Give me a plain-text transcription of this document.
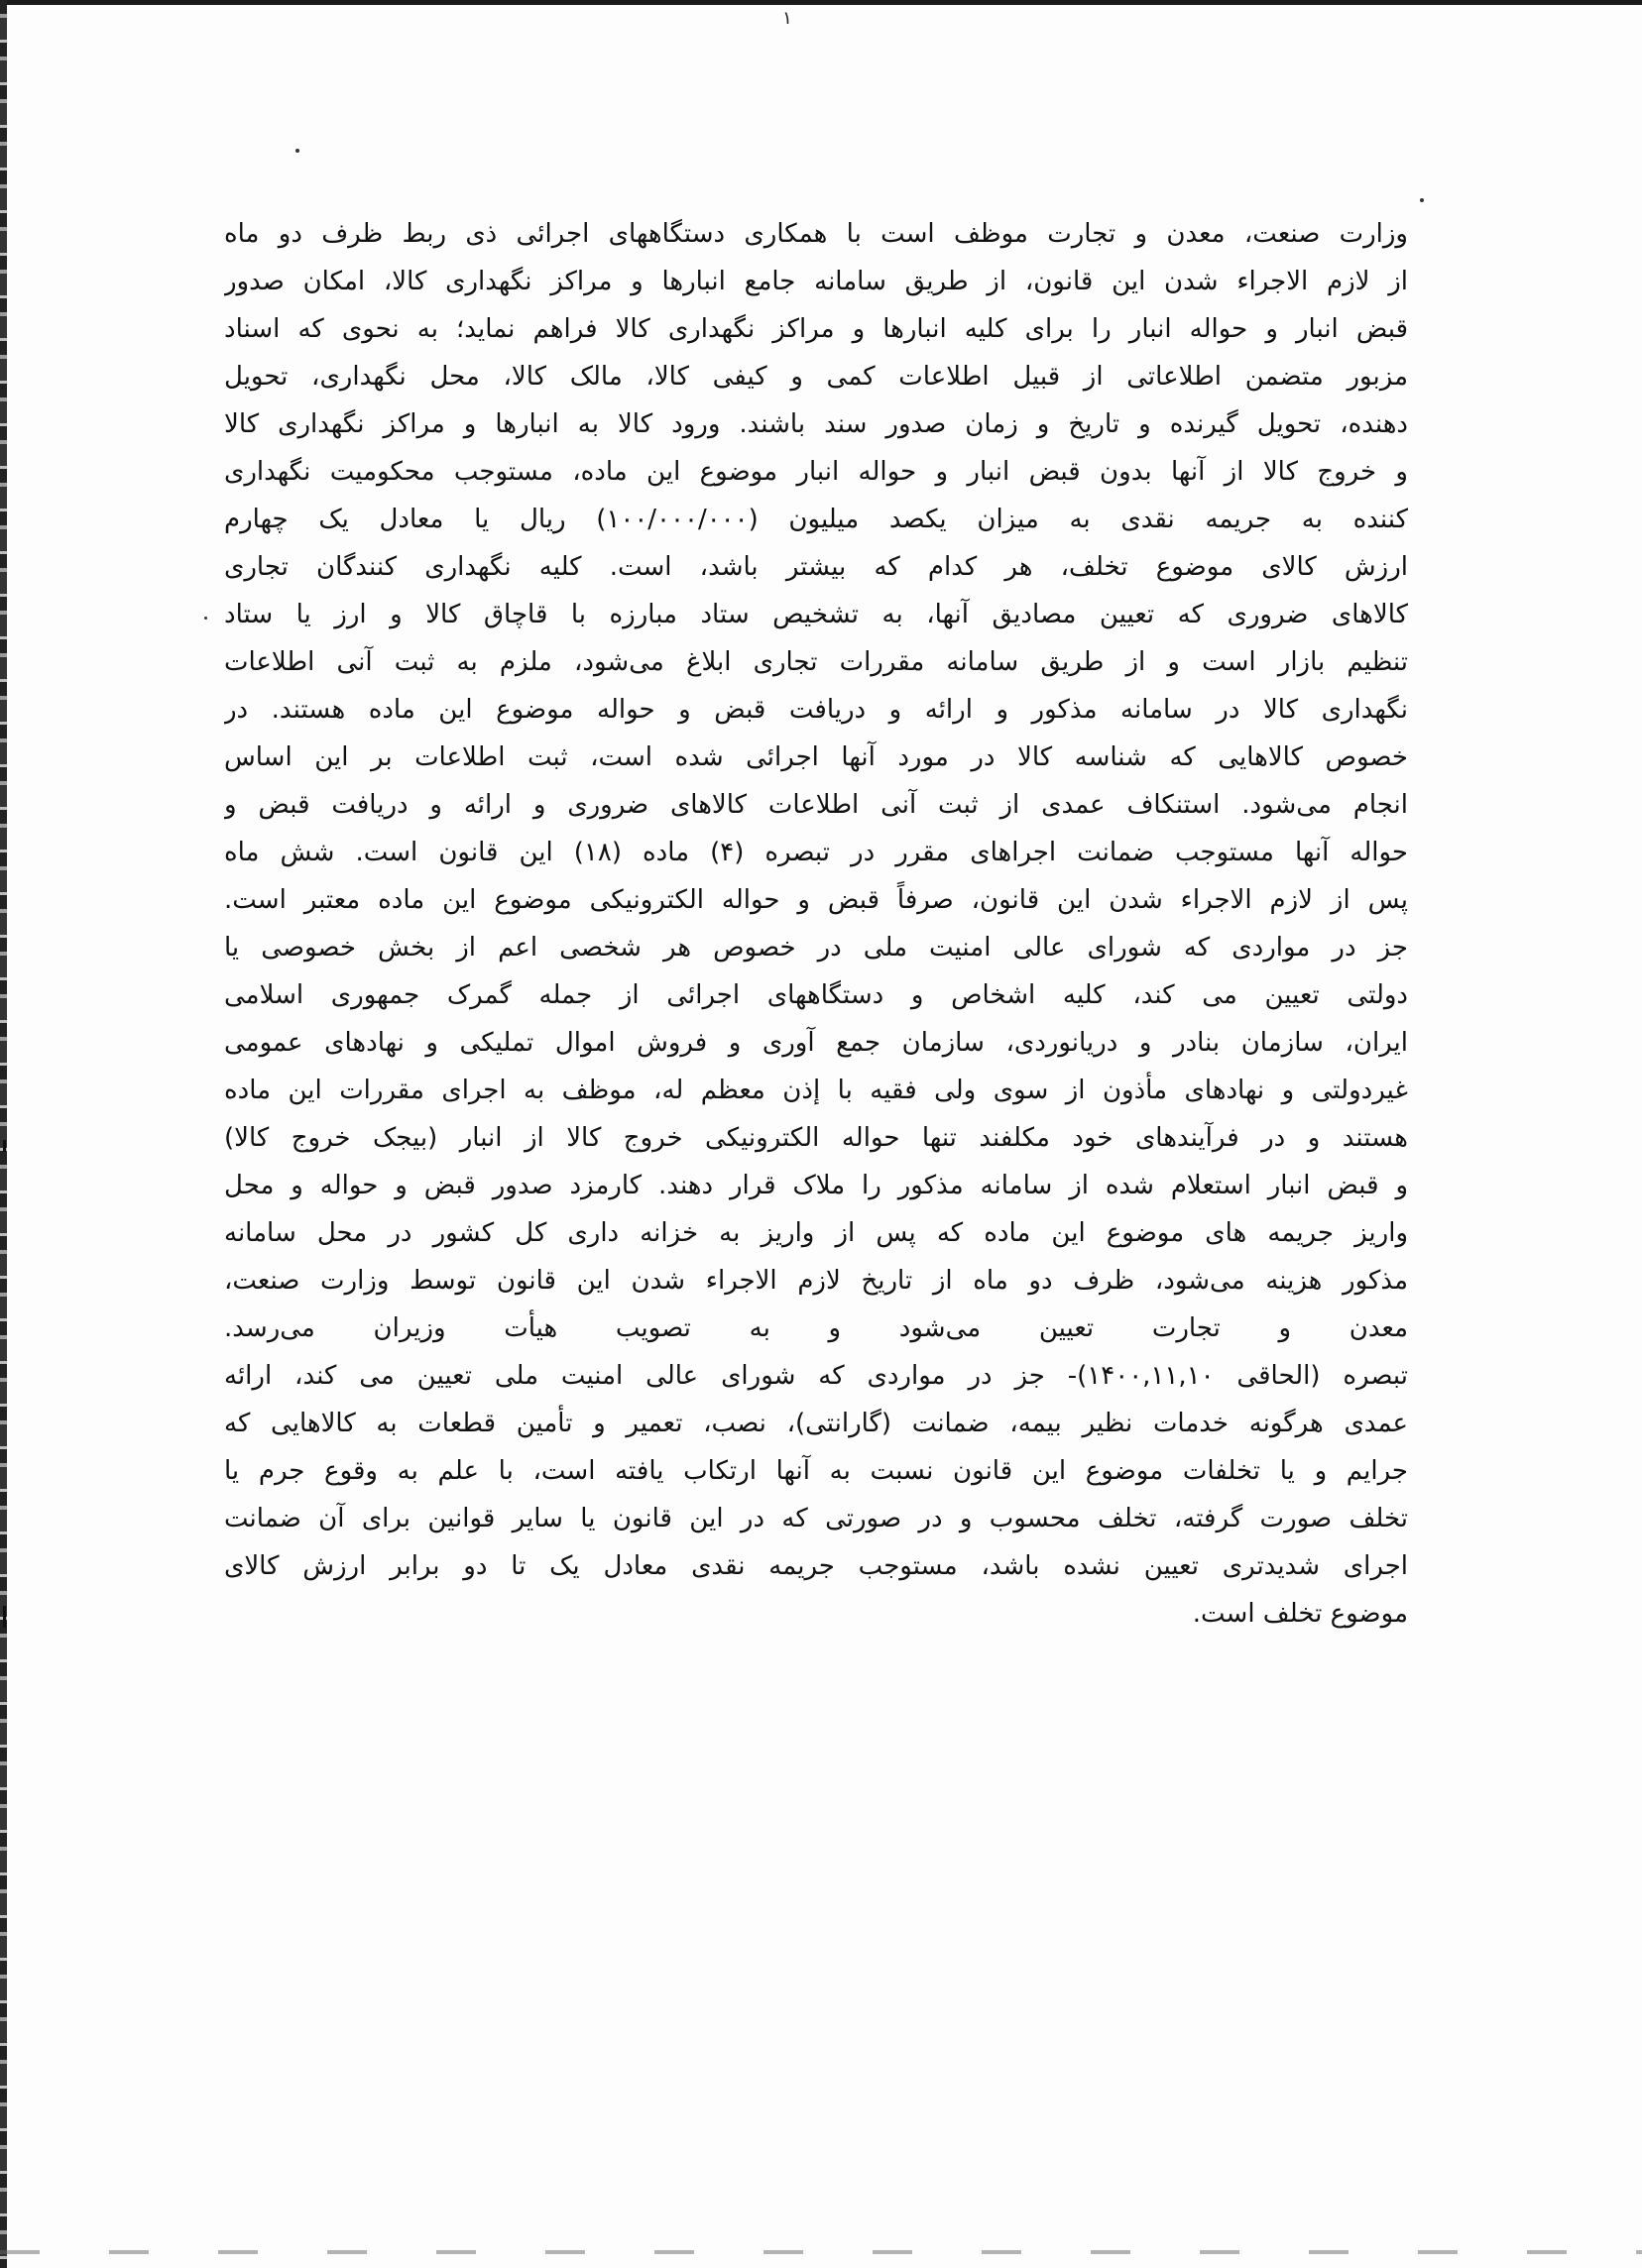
۱
وزارت صنعت، معدن و تجارت موظف است با همکاری دستگاههای اجرائی ذی ربط ظرف دو ماه
از لازم الاجراء شدن این قانون، از طریق سامانه جامع انبارها و مراکز نگهداری کالا، امکان صدور
قبض انبار و حواله انبار را برای کلیه انبارها و مراکز نگهداری کالا فراهم نماید؛ به نحوی که اسناد
مزبور متضمن اطلاعاتی از قبیل اطلاعات کمی و کیفی کالا، مالک کالا، محل نگهداری، تحویل
دهنده، تحویل گیرنده و تاریخ و زمان صدور سند باشند. ورود کالا به انبارها و مراکز نگهداری کالا
و خروج کالا از آنها بدون قبض انبار و حواله انبار موضوع این ماده، مستوجب محکومیت نگهداری
کننده به جریمه نقدی به میزان یکصد میلیون (۱۰۰/۰۰۰/۰۰۰) ریال یا معادل یک چهارم
ارزش کالای موضوع تخلف، هر کدام که بیشتر باشد، است. کلیه نگهداری کنندگان تجاری
کالاهای ضروری که تعیین مصادیق آنها، به تشخیص ستاد مبارزه با قاچاق کالا و ارز یا ستاد
تنظیم بازار است و از طریق سامانه مقررات تجاری ابلاغ می‌شود، ملزم به ثبت آنی اطلاعات
نگهداری کالا در سامانه مذکور و ارائه و دریافت قبض و حواله موضوع این ماده هستند. در
خصوص کالاهایی که شناسه کالا در مورد آنها اجرائی شده است، ثبت اطلاعات بر این اساس
انجام می‌شود. استنکاف عمدی از ثبت آنی اطلاعات کالاهای ضروری و ارائه و دریافت قبض و
حواله آنها مستوجب ضمانت اجراهای مقرر در تبصره (۴) ماده (۱۸) این قانون است. شش ماه
پس از لازم الاجراء شدن این قانون، صرفاً قبض و حواله الکترونیکی موضوع این ماده معتبر است.
جز در مواردی که شورای عالی امنیت ملی در خصوص هر شخصی اعم از بخش خصوصی یا
دولتی تعیین می کند، کلیه اشخاص و دستگاههای اجرائی از جمله گمرک جمهوری اسلامی
ایران، سازمان بنادر و دریانوردی، سازمان جمع آوری و فروش اموال تملیکی و نهادهای عمومی
غیردولتی و نهادهای مأذون از سوی ولی فقیه با إذن معظم له، موظف به اجرای مقررات این ماده
هستند و در فرآیندهای خود مکلفند تنها حواله الکترونیکی خروج کالا از انبار (بیجک خروج کالا)
و قبض انبار استعلام شده از سامانه مذکور را ملاک قرار دهند. کارمزد صدور قبض و حواله و محل
واریز جریمه های موضوع این ماده که پس از واریز به خزانه داری کل کشور در محل سامانه
مذکور هزینه می‌شود، ظرف دو ماه از تاریخ لازم الاجراء شدن این قانون توسط وزارت صنعت،
معدن و تجارت تعیین می‌شود و به تصویب هیأت وزیران می‌رسد.
تبصره (الحاقی ۱۴۰۰,۱۱,۱۰)- جز در مواردی که شورای عالی امنیت ملی تعیین می کند، ارائه
عمدی هرگونه خدمات نظیر بیمه، ضمانت (گارانتی)، نصب، تعمیر و تأمین قطعات به کالاهایی که
جرایم و یا تخلفات موضوع این قانون نسبت به آنها ارتکاب یافته است، با علم به وقوع جرم یا
تخلف صورت گرفته، تخلف محسوب و در صورتی که در این قانون یا سایر قوانین برای آن ضمانت
اجرای شدیدتری تعیین نشده باشد، مستوجب جریمه نقدی معادل یک تا دو برابر ارزش کالای
موضوع تخلف است.
